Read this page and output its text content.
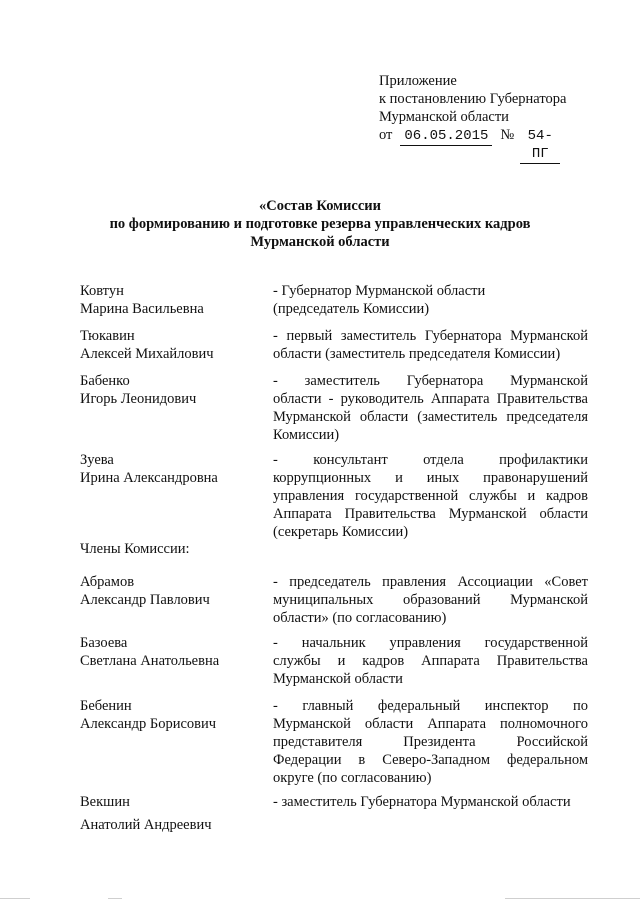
Приложение
к постановлению Губернатора
Мурманской области
от 06.05.2015 № 54-ПГ
«Состав Комиссии
по формированию и подготовке резерва управленческих кадров
Мурманской области
Ковтун
Марина Васильевна
- Губернатор Мурманской области
(председатель Комиссии)
Тюкавин
Алексей Михайлович
- первый заместитель Губернатора Мурманской
области (заместитель председателя Комиссии)
Бабенко
Игорь Леонидович
- заместитель Губернатора Мурманской
области - руководитель Аппарата Правительства
Мурманской области (заместитель председателя
Комиссии)
Зуева
Ирина Александровна
- консультант отдела профилактики
коррупционных и иных правонарушений
управления государственной службы и кадров
Аппарата Правительства Мурманской области
(секретарь Комиссии)
Члены Комиссии:
Абрамов
Александр Павлович
- председатель правления Ассоциации «Совет
муниципальных образований Мурманской
области» (по согласованию)
Базоева
Светлана Анатольевна
- начальник управления государственной
службы и кадров Аппарата Правительства
Мурманской области
Бебенин
Александр Борисович
- главный федеральный инспектор по
Мурманской области Аппарата полномочного
представителя Президента Российской
Федерации в Северо-Западном федеральном
округе (по согласованию)
Векшин
Анатолий Андреевич
- заместитель Губернатора Мурманской области
